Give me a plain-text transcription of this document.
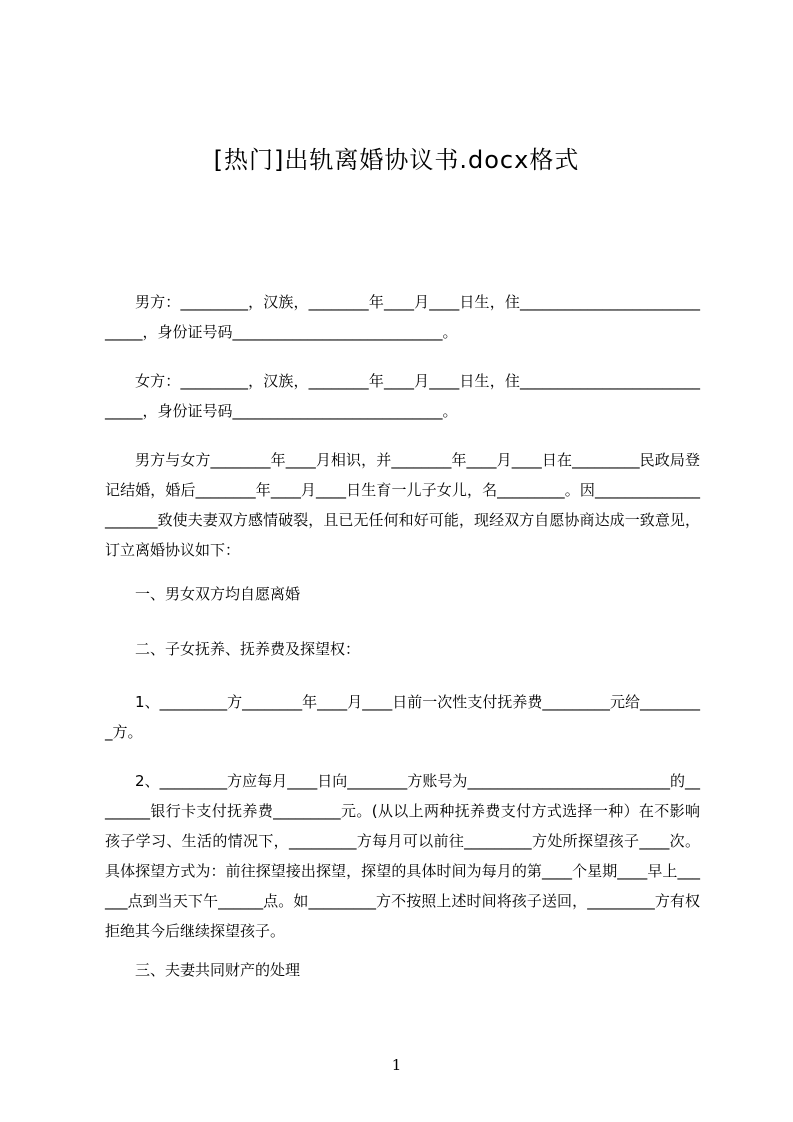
[热门]出轨离婚协议书.docx格式

男方：_________，汉族，________年____月____日生，住_____________________________，身份证号码____________________________。

女方：_________，汉族，________年____月____日生，住_____________________________，身份证号码____________________________。

男方与女方________年____月相识，并________年____月____日在_________民政局登记结婚，婚后________年____月____日生育一儿子女儿，名_________。因_____________________致使夫妻双方感情破裂，且已无任何和好可能，现经双方自愿协商达成一致意见，订立离婚协议如下：

一、男女双方均自愿离婚

二、子女抚养、抚养费及探望权：

1、_________方________年____月____日前一次性支付抚养费_________元给_________方。

2、_________方应每月____日向________方账号为___________________________的________银行卡支付抚养费_________元。(从以上两种抚养费支付方式选择一种）在不影响孩子学习、生活的情况下，_________方每月可以前往_________方处所探望孩子____次。具体探望方式为：前往探望接出探望，探望的具体时间为每月的第____个星期____早上______点到当天下午______点。如_________方不按照上述时间将孩子送回，_________方有权拒绝其今后继续探望孩子。

三、夫妻共同财产的处理

1
